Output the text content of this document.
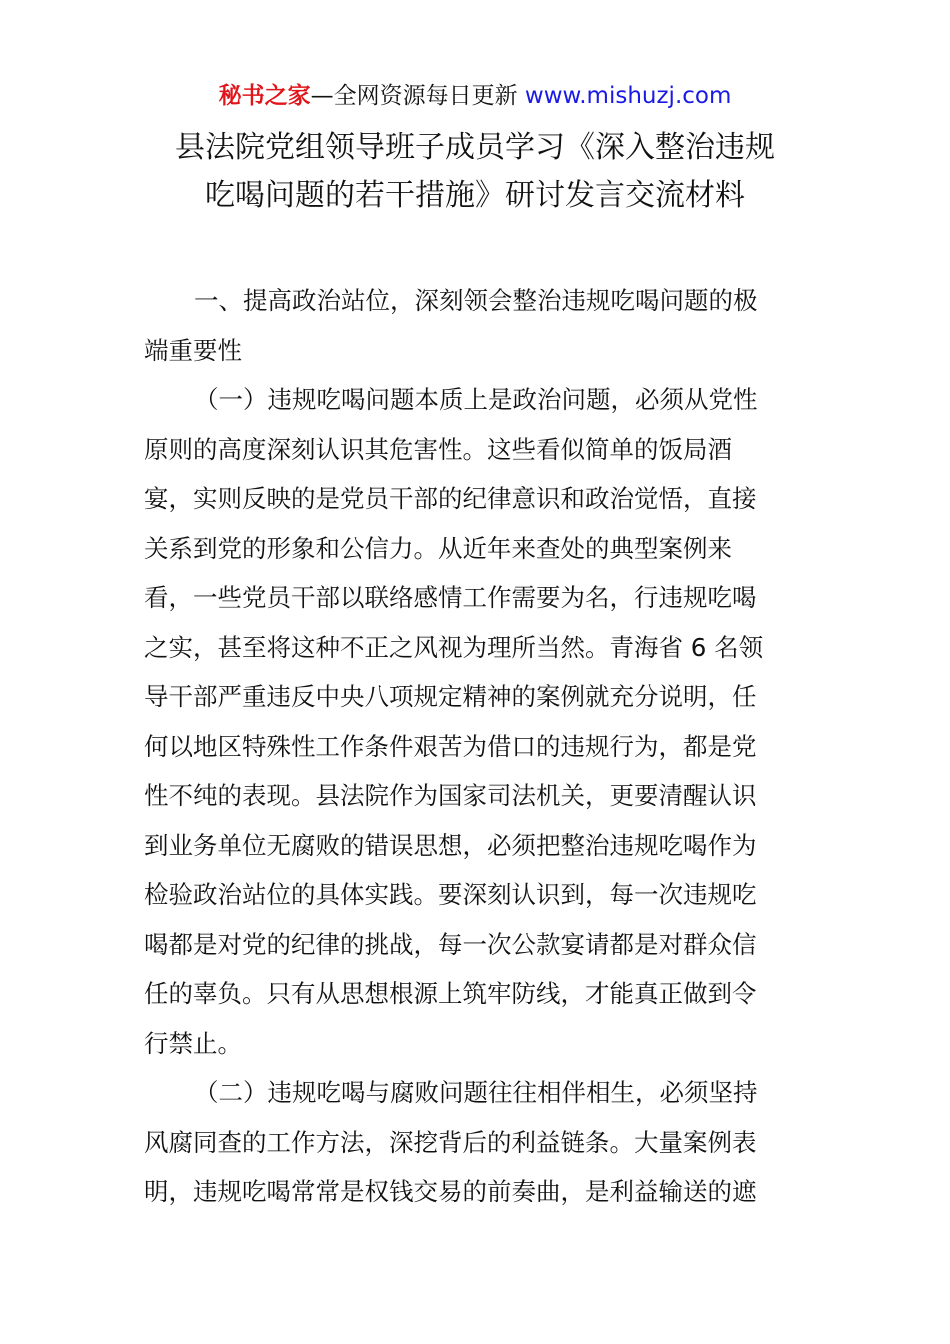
秘书之家—全网资源每日更新 www.mishuzj.com
县法院党组领导班子成员学习《深入整治违规
吃喝问题的若干措施》研讨发言交流材料
一、提高政治站位，深刻领会整治违规吃喝问题的极
端重要性
（一）违规吃喝问题本质上是政治问题，必须从党性
原则的高度深刻认识其危害性。这些看似简单的饭局酒
宴，实则反映的是党员干部的纪律意识和政治觉悟，直接
关系到党的形象和公信力。从近年来查处的典型案例来
看，一些党员干部以联络感情工作需要为名，行违规吃喝
之实，甚至将这种不正之风视为理所当然。青海省 6 名领
导干部严重违反中央八项规定精神的案例就充分说明，任
何以地区特殊性工作条件艰苦为借口的违规行为，都是党
性不纯的表现。县法院作为国家司法机关，更要清醒认识
到业务单位无腐败的错误思想，必须把整治违规吃喝作为
检验政治站位的具体实践。要深刻认识到，每一次违规吃
喝都是对党的纪律的挑战，每一次公款宴请都是对群众信
任的辜负。只有从思想根源上筑牢防线，才能真正做到令
行禁止。
（二）违规吃喝与腐败问题往往相伴相生，必须坚持
风腐同查的工作方法，深挖背后的利益链条。大量案例表
明，违规吃喝常常是权钱交易的前奏曲，是利益输送的遮
